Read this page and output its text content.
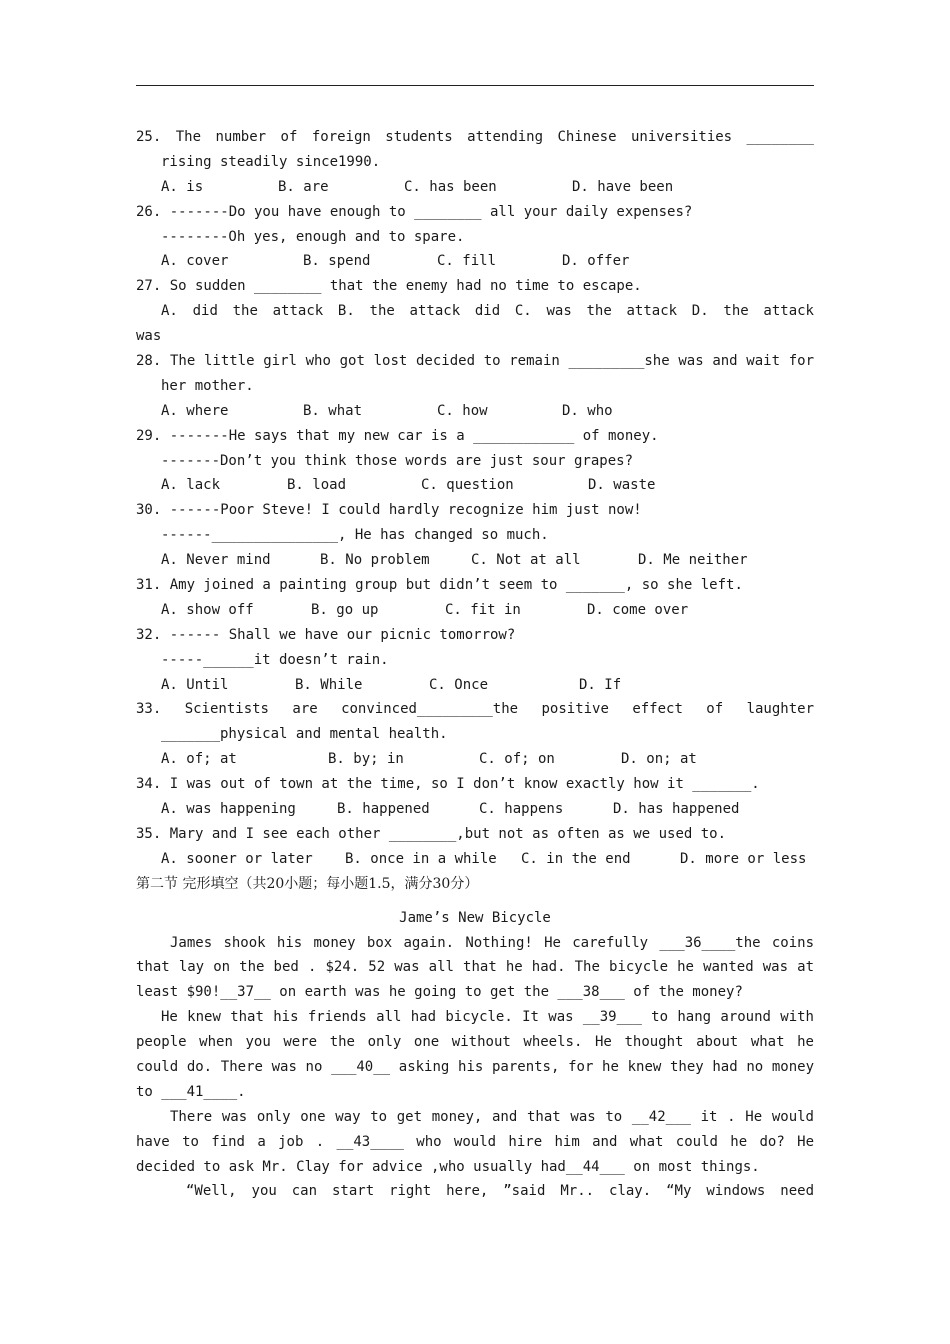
25. The number of foreign students attending Chinese universities ________
rising steadily since1990.
A. is	B. are	C. has been	D. have been
26. -------Do you have enough to ________ all your daily expenses?
--------Oh yes, enough and to spare.
A. cover	B. spend	C. fill	D. offer
27. So sudden ________ that the enemy had no time to escape.
A. did the attack B. the attack did C. was the attack D. the attack
was
28. The little girl who got lost decided to remain _________she was and wait for
her mother.
A. where	B. what	C. how	D. who
29. -------He says that my new car is a ____________ of money.
-------Don’t you think those words are just sour grapes?
A. lack	B. load	C. question	D. waste
30. ------Poor Steve! I could hardly recognize him just now!
------_______________, He has changed so much.
A. Never mind	B. No problem	C. Not at all	D. Me neither
31. Amy joined a painting group but didn’t seem to _______, so she left.
A. show off	B. go up	C. fit in	D. come over
32. ------ Shall we have our picnic tomorrow?
-----______it doesn’t rain.
A. Until	B. While	C. Once	D. If
33. Scientists are convinced_________the positive effect of laughter
_______physical and mental health.
A. of; at	B. by; in	C. of; on	D. on; at
34. I was out of town at the time, so I don’t know exactly how it _______.
A. was happening	B. happened	C. happens	D. has happened
35. Mary and I see each other ________,but not as often as we used to.
A. sooner or later	B. once in a while	C. in the end	D. more or less
第二节 完形填空（共20小题；每小题1.5，满分30分）
Jame’s New Bicycle
James shook his money box again. Nothing! He carefully ___36____the coins
that lay on the bed . $24. 52 was all that he had. The bicycle he wanted was at
least $90!__37__ on earth was he going to get the ___38___ of the money?
He knew that his friends all had bicycle. It was __39___ to hang around with
people when you were the only one without wheels. He thought about what he
could do. There was no ___40__ asking his parents, for he knew they had no money
to ___41____.
There was only one way to get money, and that was to __42___ it . He would
have to find a job . __43____ who would hire him and what could he do? He
decided to ask Mr. Clay for advice ,who usually had__44___ on most things.
“Well, you can start right here, ”said Mr.. clay. “My windows need
